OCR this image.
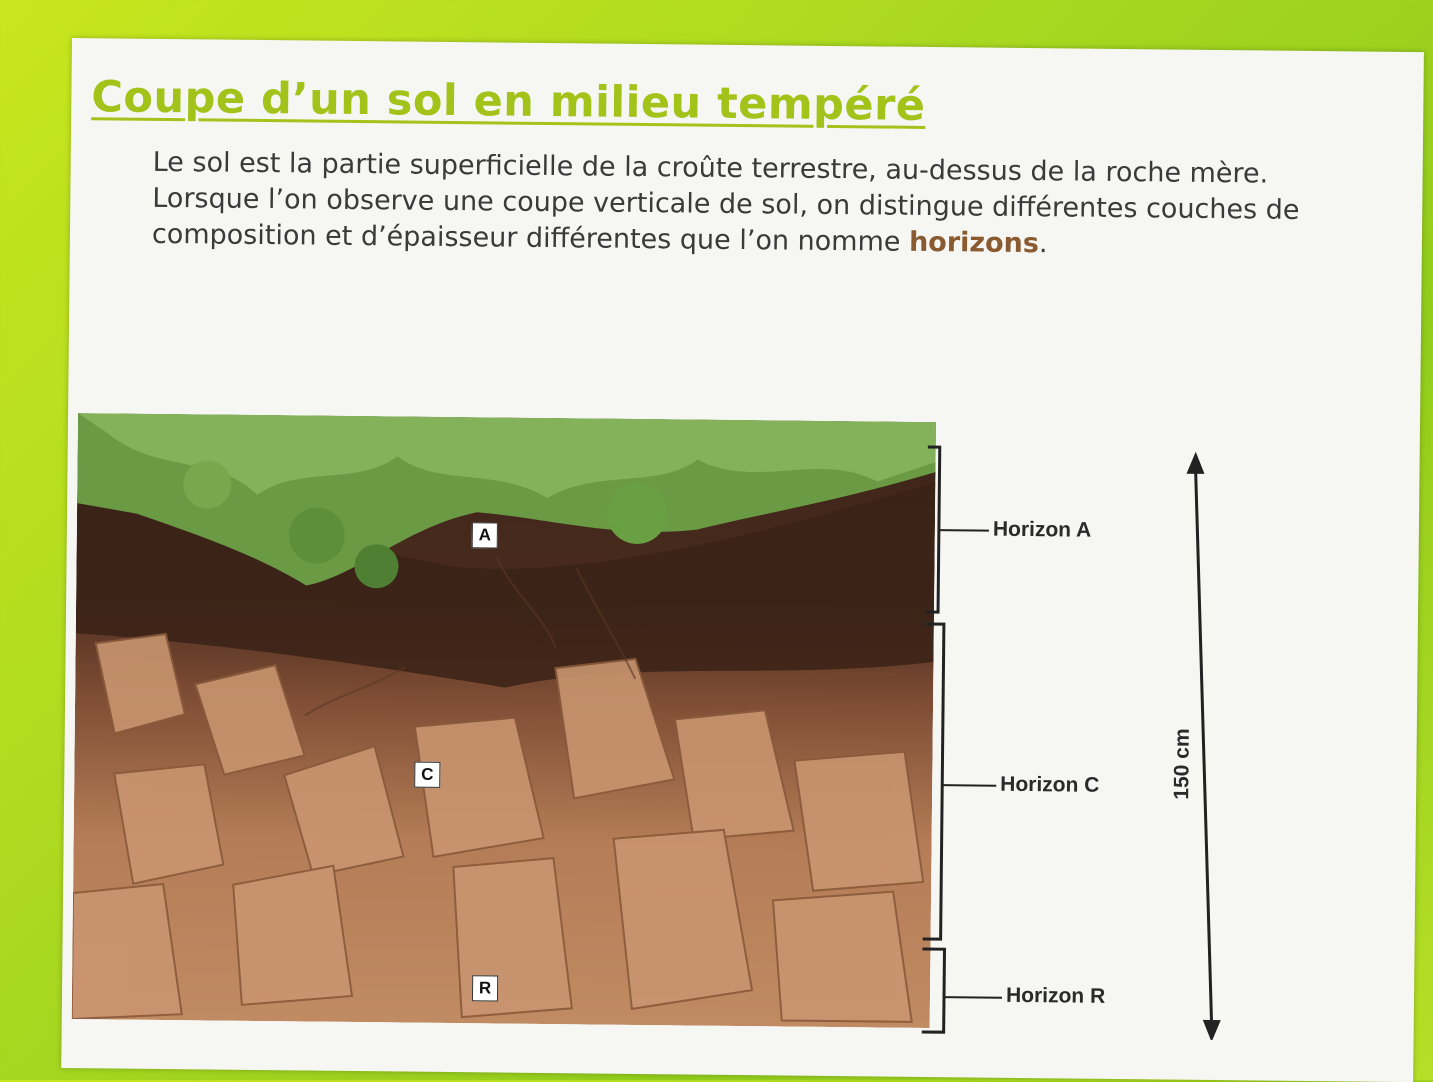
Coupe d’un sol en milieu tempéré

Le sol est la partie superficielle de la croûte terrestre, au-dessus de la roche mère. Lorsque l’on observe une coupe verticale de sol, on distingue différentes couches de composition et d’épaisseur différentes que l’on nomme horizons.

A
C
R
Horizon A
Horizon C
Horizon R
150 cm
